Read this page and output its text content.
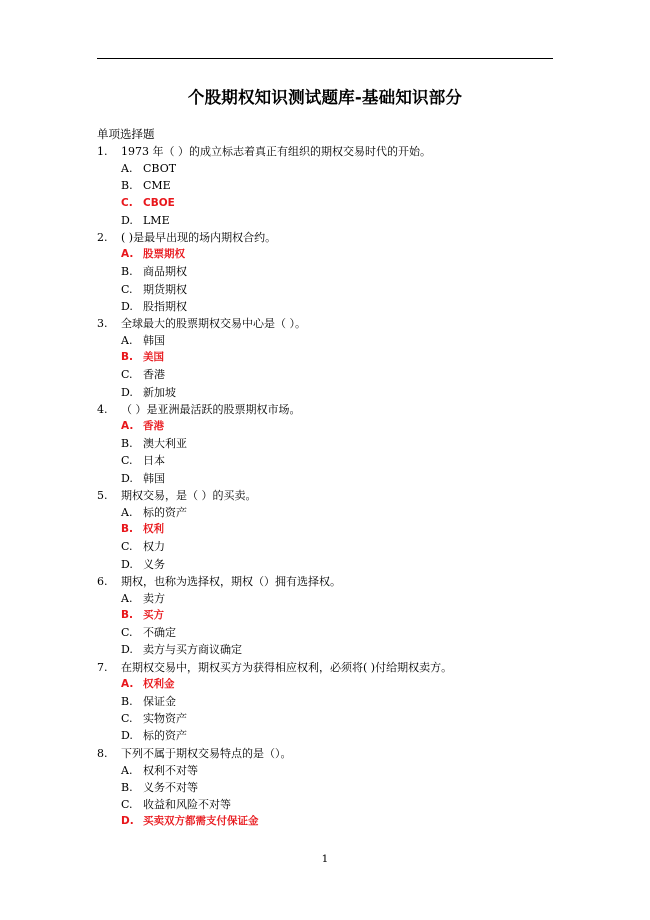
个股期权知识测试题库-基础知识部分
单项选择题
1. 1973 年（ ）的成立标志着真正有组织的期权交易时代的开始。
A. CBOT
B. CME
C. CBOE
D. LME
2. ( )是最早出现的场内期权合约。
A. 股票期权
B. 商品期权
C. 期货期权
D. 股指期权
3. 全球最大的股票期权交易中心是（ ）。
A. 韩国
B. 美国
C. 香港
D. 新加坡
4. （ ）是亚洲最活跃的股票期权市场。
A. 香港
B. 澳大利亚
C. 日本
D. 韩国
5. 期权交易，是（ ）的买卖。
A. 标的资产
B. 权利
C. 权力
D. 义务
6. 期权，也称为选择权，期权（）拥有选择权。
A. 卖方
B. 买方
C. 不确定
D. 卖方与买方商议确定
7. 在期权交易中，期权买方为获得相应权利，必须将( )付给期权卖方。
A. 权利金
B. 保证金
C. 实物资产
D. 标的资产
8. 下列不属于期权交易特点的是（）。
A. 权利不对等
B. 义务不对等
C. 收益和风险不对等
D. 买卖双方都需支付保证金
1
